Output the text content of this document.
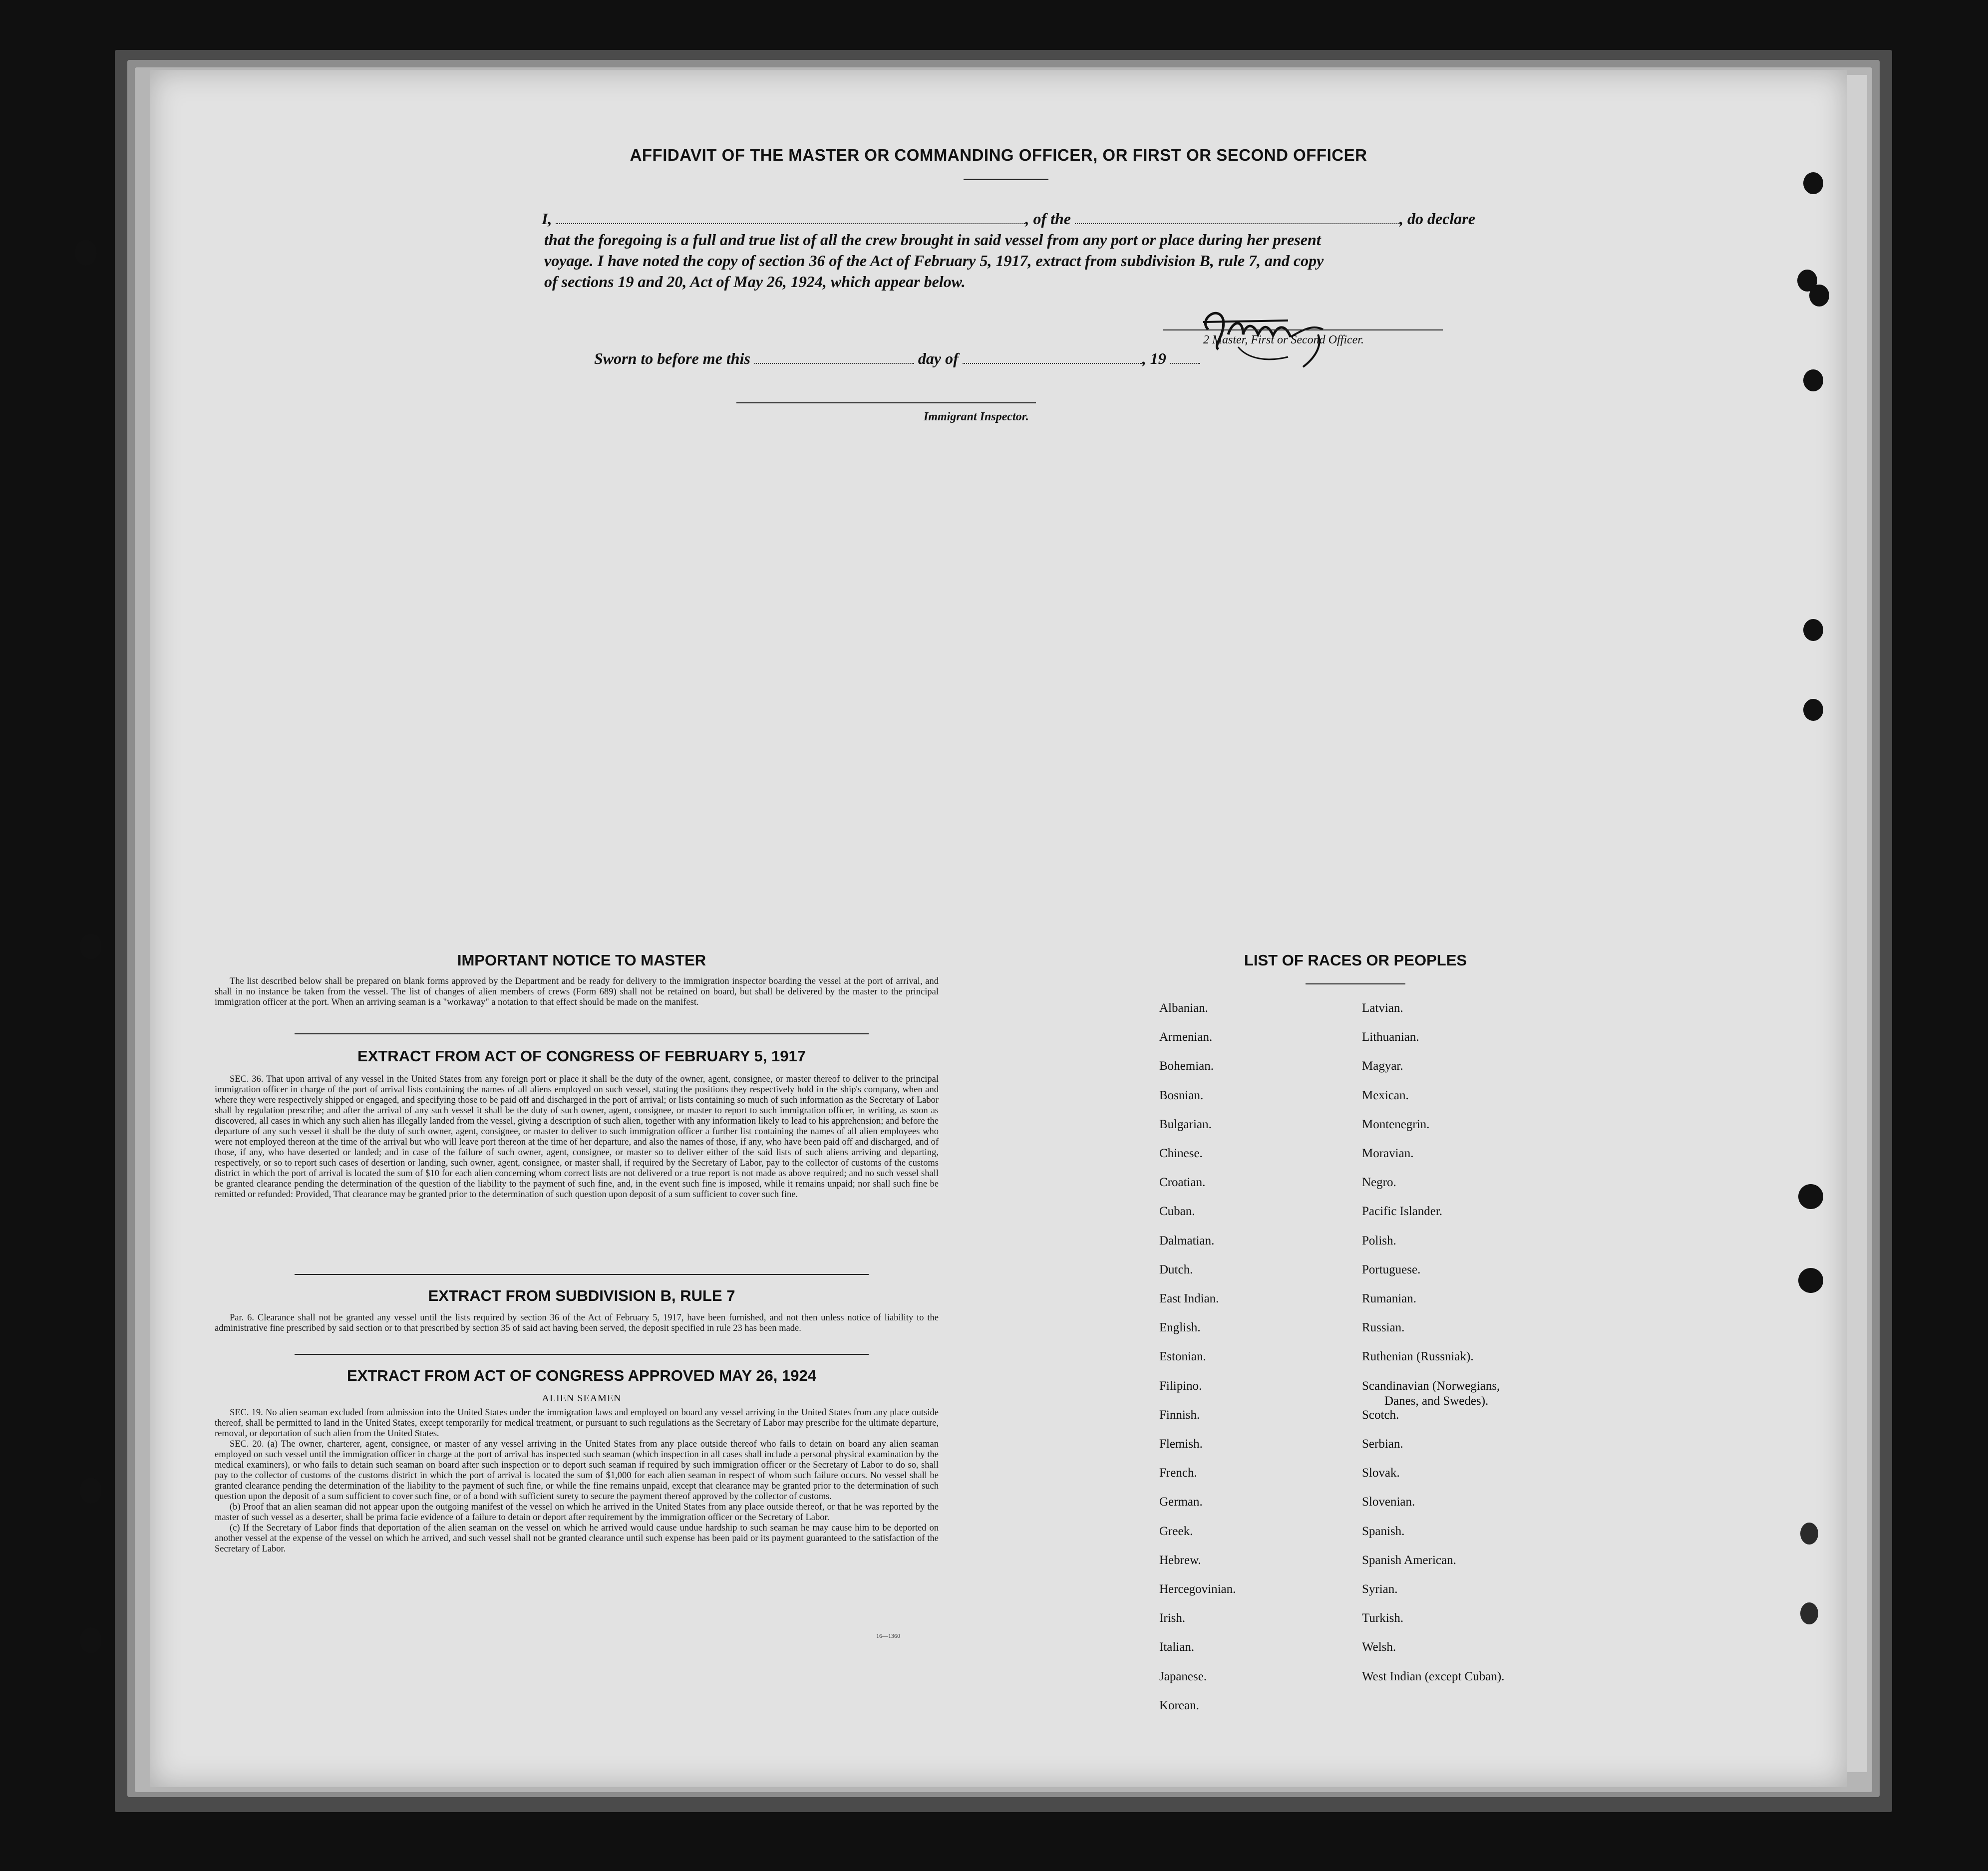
AFFIDAVIT OF THE MASTER OR COMMANDING OFFICER, OR FIRST OR SECOND OFFICER
I,	, of the	, do declare
that the foregoing is a full and true list of all the crew brought in said vessel from any port or place during her present
voyage. I have noted the copy of section 36 of the Act of February 5, 1917, extract from subdivision B, rule 7, and copy
of sections 19 and 20, Act of May 26, 1924, which appear below.
2 Master, First or Second Officer.
Sworn to before me this	day of	, 19
Immigrant Inspector.
IMPORTANT NOTICE TO MASTER

The list described below shall be prepared on blank forms approved by the Department and be ready for delivery to the immigration inspector boarding the vessel at the port of arrival, and shall in no instance be taken from the vessel. The list of changes of alien members of crews (Form 689) shall not be retained on board, but shall be delivered by the master to the principal immigration officer at the port. When an arriving seaman is a "workaway" a notation to that effect should be made on the manifest.

EXTRACT FROM ACT OF CONGRESS OF FEBRUARY 5, 1917

SEC. 36. That upon arrival of any vessel in the United States from any foreign port or place it shall be the duty of the owner, agent, consignee, or master thereof to deliver to the principal immigration officer in charge of the port of arrival lists containing the names of all aliens employed on such vessel, stating the positions they respectively hold in the ship's company, when and where they were respectively shipped or engaged, and specifying those to be paid off and discharged in the port of arrival; or lists containing so much of such information as the Secretary of Labor shall by regulation prescribe; and after the arrival of any such vessel it shall be the duty of such owner, agent, consignee, or master to report to such immigration officer, in writing, as soon as discovered, all cases in which any such alien has illegally landed from the vessel, giving a description of such alien, together with any information likely to lead to his apprehension; and before the departure of any such vessel it shall be the duty of such owner, agent, consignee, or master to deliver to such immigration officer a further list containing the names of all alien employees who were not employed thereon at the time of the arrival but who will leave port thereon at the time of her departure, and also the names of those, if any, who have been paid off and discharged, and of those, if any, who have deserted or landed; and in case of the failure of such owner, agent, consignee, or master so to deliver either of the said lists of such aliens arriving and departing, respectively, or so to report such cases of desertion or landing, such owner, agent, consignee, or master shall, if required by the Secretary of Labor, pay to the collector of customs of the customs district in which the port of arrival is located the sum of $10 for each alien concerning whom correct lists are not delivered or a true report is not made as above required; and no such vessel shall be granted clearance pending the determination of the question of the liability to the payment of such fine, and, in the event such fine is imposed, while it remains unpaid; nor shall such fine be remitted or refunded: Provided, That clearance may be granted prior to the determination of such question upon deposit of a sum sufficient to cover such fine.

EXTRACT FROM SUBDIVISION B, RULE 7

Par. 6. Clearance shall not be granted any vessel until the lists required by section 36 of the Act of February 5, 1917, have been furnished, and not then unless notice of liability to the administrative fine prescribed by said section or to that prescribed by section 35 of said act having been served, the deposit specified in rule 23 has been made.

EXTRACT FROM ACT OF CONGRESS APPROVED MAY 26, 1924
ALIEN SEAMEN

SEC. 19. No alien seaman excluded from admission into the United States under the immigration laws and employed on board any vessel arriving in the United States from any place outside thereof, shall be permitted to land in the United States, except temporarily for medical treatment, or pursuant to such regulations as the Secretary of Labor may prescribe for the ultimate departure, removal, or deportation of such alien from the United States.

SEC. 20. (a) The owner, charterer, agent, consignee, or master of any vessel arriving in the United States from any place outside thereof who fails to detain on board any alien seaman employed on such vessel until the immigration officer in charge at the port of arrival has inspected such seaman (which inspection in all cases shall include a personal physical examination by the medical examiners), or who fails to detain such seaman on board after such inspection or to deport such seaman if required by such immigration officer or the Secretary of Labor to do so, shall pay to the collector of customs of the customs district in which the port of arrival is located the sum of $1,000 for each alien seaman in respect of whom such failure occurs. No vessel shall be granted clearance pending the determination of the liability to the payment of such fine, or while the fine remains unpaid, except that clearance may be granted prior to the determination of such question upon the deposit of a sum sufficient to cover such fine, or of a bond with sufficient surety to secure the payment thereof approved by the collector of customs.

(b) Proof that an alien seaman did not appear upon the outgoing manifest of the vessel on which he arrived in the United States from any place outside thereof, or that he was reported by the master of such vessel as a deserter, shall be prima facie evidence of a failure to detain or deport after requirement by the immigration officer or the Secretary of Labor.

(c) If the Secretary of Labor finds that deportation of the alien seaman on the vessel on which he arrived would cause undue hardship to such seaman he may cause him to be deported on another vessel at the expense of the vessel on which he arrived, and such vessel shall not be granted clearance until such expense has been paid or its payment guaranteed to the satisfaction of the Secretary of Labor.

16—1360
LIST OF RACES OR PEOPLES
Albanian.
Armenian.
Bohemian.
Bosnian.
Bulgarian.
Chinese.
Croatian.
Cuban.
Dalmatian.
Dutch.
East Indian.
English.
Estonian.
Filipino.
Finnish.
Flemish.
French.
German.
Greek.
Hebrew.
Hercegovinian.
Irish.
Italian.
Japanese.
Korean.
Latvian.
Lithuanian.
Magyar.
Mexican.
Montenegrin.
Moravian.
Negro.
Pacific Islander.
Polish.
Portuguese.
Rumanian.
Russian.
Ruthenian (Russniak).
Scandinavian (Norwegians,
Danes, and Swedes).
Scotch.
Serbian.
Slovak.
Slovenian.
Spanish.
Spanish American.
Syrian.
Turkish.
Welsh.
West Indian (except Cuban).
